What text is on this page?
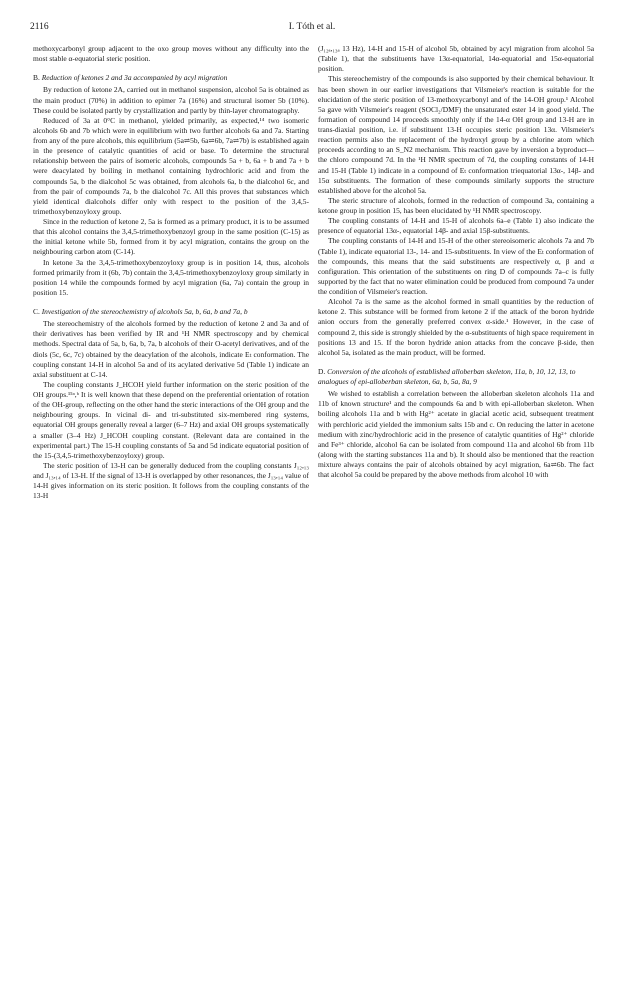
2116	I. Tóth et al.

methoxycarbonyl group adjacent to the oxo group moves without any difficulty into the most stable α-equatorial steric position.

B. Reduction of ketones 2 and 3a accompanied by acyl migration

By reduction of ketone 2A, carried out in methanol suspension, alcohol 5a is obtained as the main product (70%) in addition to epimer 7a (16%) and structural isomer 5b (10%). These could be isolated partly by crystallization and partly by thin-layer chromatography.

Reduced of 3a at 0°C in methanol, yielded primarily, as expected,¹⁴ two isomeric alcohols 6b and 7b which were in equilibrium with two further alcohols 6a and 7a. Starting from any of the pure alcohols, this equilibrium (5a⇌5b, 6a⇌6b, 7a⇌7b) is established again in the presence of catalytic quantities of acid or base. To determine the structural relationship between the pairs of isomeric alcohols, compounds 5a + b, 6a + b and 7a + b were deacylated by boiling in methanol containing hydrochloric acid and from the compounds 5a, b the dialcohol 5c was obtained, from alcohols 6a, b the dialcohol 6c, and from the pair of compounds 7a, b the dialcohol 7c. All this proves that substances which yield identical dialcohols differ only with respect to the position of the 3,4,5-trimethoxybenzoyloxy group.

Since in the reduction of ketone 2, 5a is formed as a primary product, it is to be assumed that this alcohol contains the 3,4,5-trimethoxybenzoyl group in the same position (C-15) as the initial ketone while 5b, formed from it by acyl migration, contains the group on the neighbouring carbon atom (C-14).

In ketone 3a the 3,4,5-trimethoxybenzoyloxy group is in position 14, thus, alcohols formed primarily from it (6b, 7b) contain the 3,4,5-trimethoxybenzoyloxy group similarly in position 14 while the compounds formed by acyl migration (6a, 7a) contain the group in position 15.

C. Investigation of the stereochemistry of alcohols 5a, b, 6a, b and 7a, b

The stereochemistry of the alcohols formed by the reduction of ketone 2 and 3a and of their derivatives has been verified by IR and ¹H NMR spectroscopy and by chemical methods. Spectral data of 5a, b, 6a, b, 7a, b alcohols of their O-acetyl derivatives, and of the diols (5c, 6c, 7c) obtained by the deacylation of the alcohols, indicate Eₜ conformation. The coupling constant 14-H in alcohol 5a and of its acylated derivative 5d (Table 1) indicate an axial substituent at C-14.

The coupling constants J_HCOH yield further information on the steric position of the OH groups.¹⁵ᵃ,ᵇ It is well known that these depend on the preferential orientation of rotation of the OH-group, reflecting on the other hand the steric interactions of the OH group and the neighbouring groups. In vicinal di- and tri-substituted six-membered ring systems, equatorial OH groups generally reveal a larger (6–7 Hz) and axial OH groups systematically a smaller (3–4 Hz) J_HCOH coupling constant. (Relevant data are contained in the experimental part.) The 15-H coupling constants of 5a and 5d indicate equatorial position of the 15-(3,4,5-trimethoxybenzoyloxy) group.

The steric position of 13-H can be generally deduced from the coupling constants J₁₂,₁₃ and J₁₃,₁₄ of 13-H. If the signal of 13-H is overlapped by other resonances, the J₁₃,₁₄ value of 14-H gives information on its steric position. It follows from the coupling constants of the 13-H

(J₁₂ₐ,₁₃ₐ 13 Hz), 14-H and 15-H of alcohol 5b, obtained by acyl migration from alcohol 5a (Table 1), that the substituents have 13α-equatorial, 14α-equatorial and 15α-equatorial position.

This stereochemistry of the compounds is also supported by their chemical behaviour. It has been shown in our earlier investigations that Vilsmeier's reaction is suitable for the elucidation of the steric position of 13-methoxycarbonyl and of the 14-OH group.¹ Alcohol 5a gave with Vilsmeier's reagent (SOCl₂/DMF) the unsaturated ester 14 in good yield. The formation of compound 14 proceeds smoothly only if the 14-α OH group and 13-H are in trans-diaxial position, i.e. if substituent 13-H occupies steric position 13α. Vilsmeier's reaction permits also the replacement of the hydroxyl group by a chlorine atom which proceeds according to an S_N2 mechanism. This reaction gave by inversion a byproduct—the chloro compound 7d. In the ¹H NMR spectrum of 7d, the coupling constants of 14-H and 15-H (Table 1) indicate in a compound of Eₜ conformation triequatorial 13α-, 14β- and 15α substituents. The formation of these compounds similarly supports the structure established above for the alcohol 5a.

The steric structure of alcohols, formed in the reduction of compound 3a, containing a ketone group in position 15, has been elucidated by ¹H NMR spectroscopy.

The coupling constants of 14-H and 15-H of alcohols 6a–e (Table 1) also indicate the presence of equatorial 13α-, equatorial 14β- and axial 15β-substituents.

The coupling constants of 14-H and 15-H of the other stereoisomeric alcohols 7a and 7b (Table 1), indicate equatorial 13-, 14- and 15-substituents. In view of the Eₜ conformation of the compounds, this means that the said substituents are respectively α, β and α configuration. This orientation of the substituents on ring D of compounds 7a–c is fully supported by the fact that no water elimination could be produced from compound 7a under the condition of Vilsmeier's reaction.

Alcohol 7a is the same as the alcohol formed in small quantities by the reduction of ketone 2. This substance will be formed from ketone 2 if the attack of the boron hydride anion occurs from the generally preferred convex α-side.¹ However, in the case of compound 2, this side is strongly shielded by the α-substituents of high space requirement in positions 13 and 15. If the boron hydride anion attacks from the concave β-side, then alcohol 5a, isolated as the main product, will be formed.

D. Conversion of the alcohols of established alloberban skeleton, 11a, b, 10, 12, 13, to analogues of epi-alloberban skeleton, 6a, b, 5a, 8a, 9

We wished to establish a correlation between the alloberban skeleton alcohols 11a and 11b of known structure¹ and the compounds 6a and b with epi-alloberban skeleton. When boiling alcohols 11a and b with Hg²⁺ acetate in glacial acetic acid, subsequent treatment with perchloric acid yielded the immonium salts 15b and c. On reducing the latter in acetone medium with zinc/hydrochloric acid in the presence of catalytic quantities of Hg²⁺ chloride and Fe³⁺ chloride, alcohol 6a can be isolated from compound 11a and alcohol 6b from 11b (along with the starting substances 11a and b). It should also be mentioned that the reaction mixture always contains the pair of alcohols obtained by acyl migration, 6a⇌6b. The fact that alcohol 5a could be prepared by the above methods from alcohol 10 with
